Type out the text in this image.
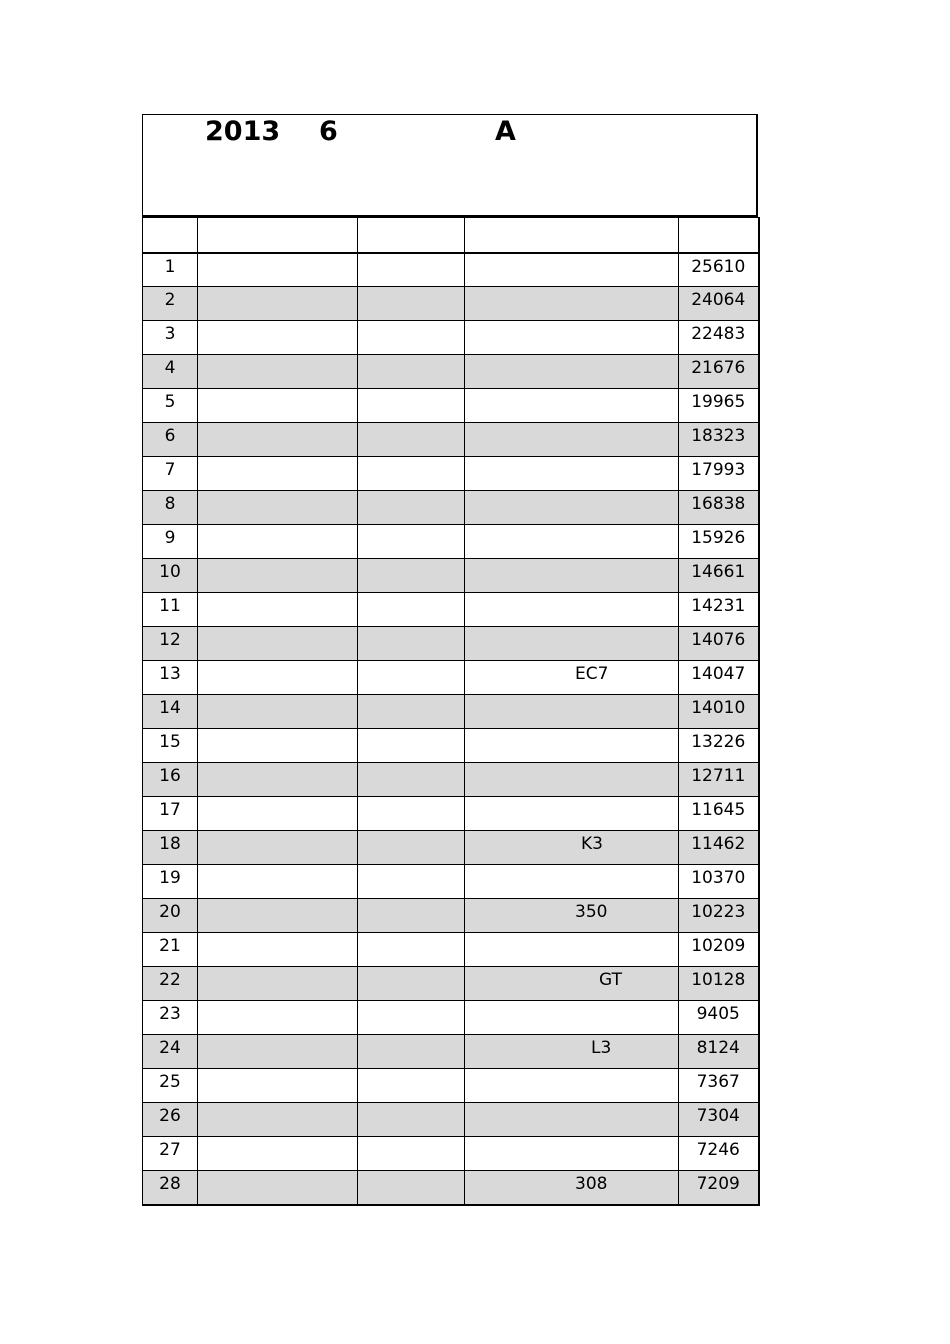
2013 6	A

1				25610
2				24064
3				22483
4				21676
5				19965
6				18323
7				17993
8				16838
9				15926
10				14661
11				14231
12				14076
13			EC7	14047
14				14010
15				13226
16				12711
17				11645
18			K3	11462
19				10370
20			350	10223
21				10209
22			GT	10128
23				9405
24			L3	8124
25				7367
26				7304
27				7246
28			308	7209
